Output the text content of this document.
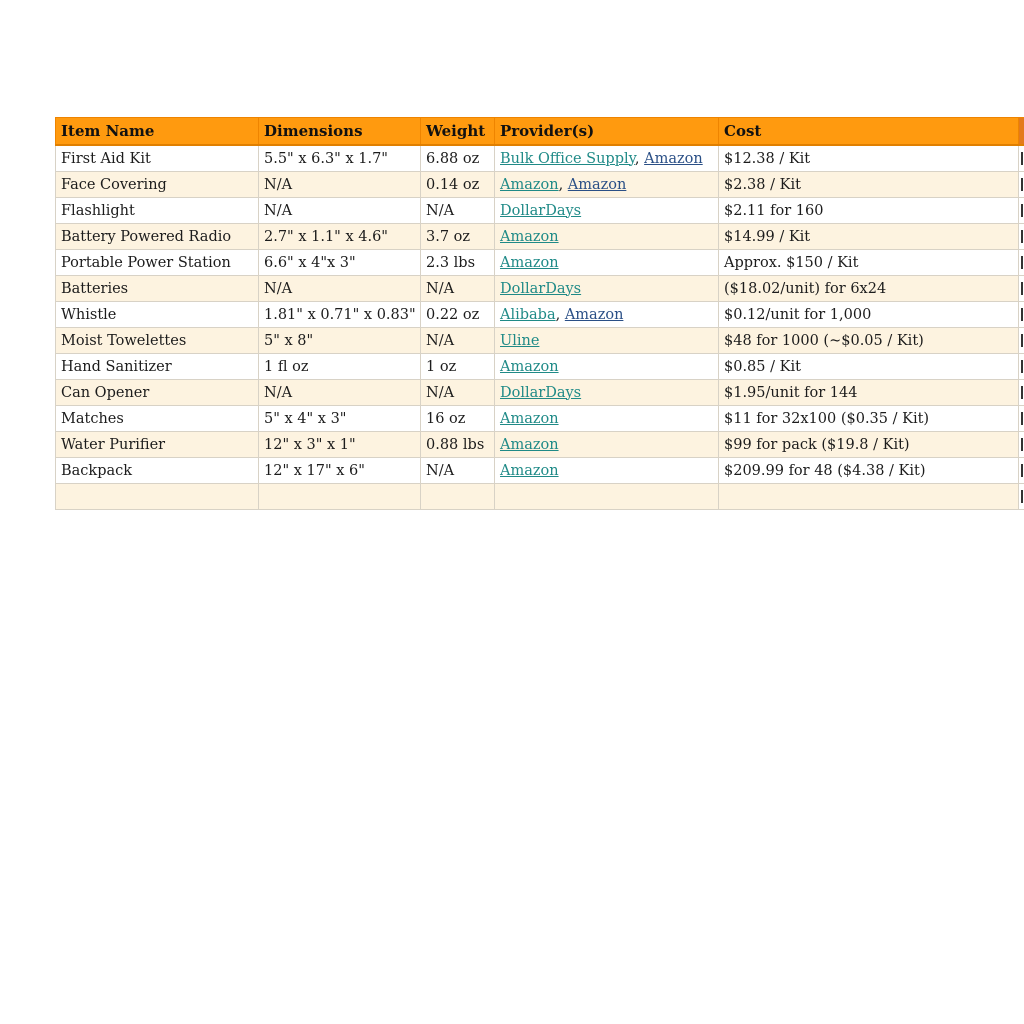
Item Name	Dimensions	Weight	Provider(s)	Cost	
First Aid Kit	5.5" x 6.3" x 1.7"	6.88 oz	Bulk Office Supply, Amazon	$12.38 / Kit	
Face Covering	N/A	0.14 oz	Amazon, Amazon	$2.38 / Kit	
Flashlight	N/A	N/A	DollarDays	$2.11 for 160	
Battery Powered Radio	2.7" x 1.1" x 4.6"	3.7 oz	Amazon	$14.99 / Kit	
Portable Power Station	6.6" x 4"x 3"	2.3 lbs	Amazon	Approx. $150 / Kit	
Batteries	N/A	N/A	DollarDays	($18.02/unit) for 6x24	
Whistle	1.81" x 0.71" x 0.83"	0.22 oz	Alibaba, Amazon	$0.12/unit for 1,000	
Moist Towelettes	5" x 8"	N/A	Uline	$48 for 1000 (~$0.05 / Kit)	
Hand Sanitizer	1 fl oz	1 oz	Amazon	$0.85 / Kit	
Can Opener	N/A	N/A	DollarDays	$1.95/unit for 144	
Matches	5" x 4" x 3"	16 oz	Amazon	$11 for 32x100 ($0.35 / Kit)	
Water Purifier	12" x 3" x 1"	0.88 lbs	Amazon	$99 for pack ($19.8 / Kit)	
Backpack	12" x 17" x 6"	N/A	Amazon	$209.99 for 48 ($4.38 / Kit)	
